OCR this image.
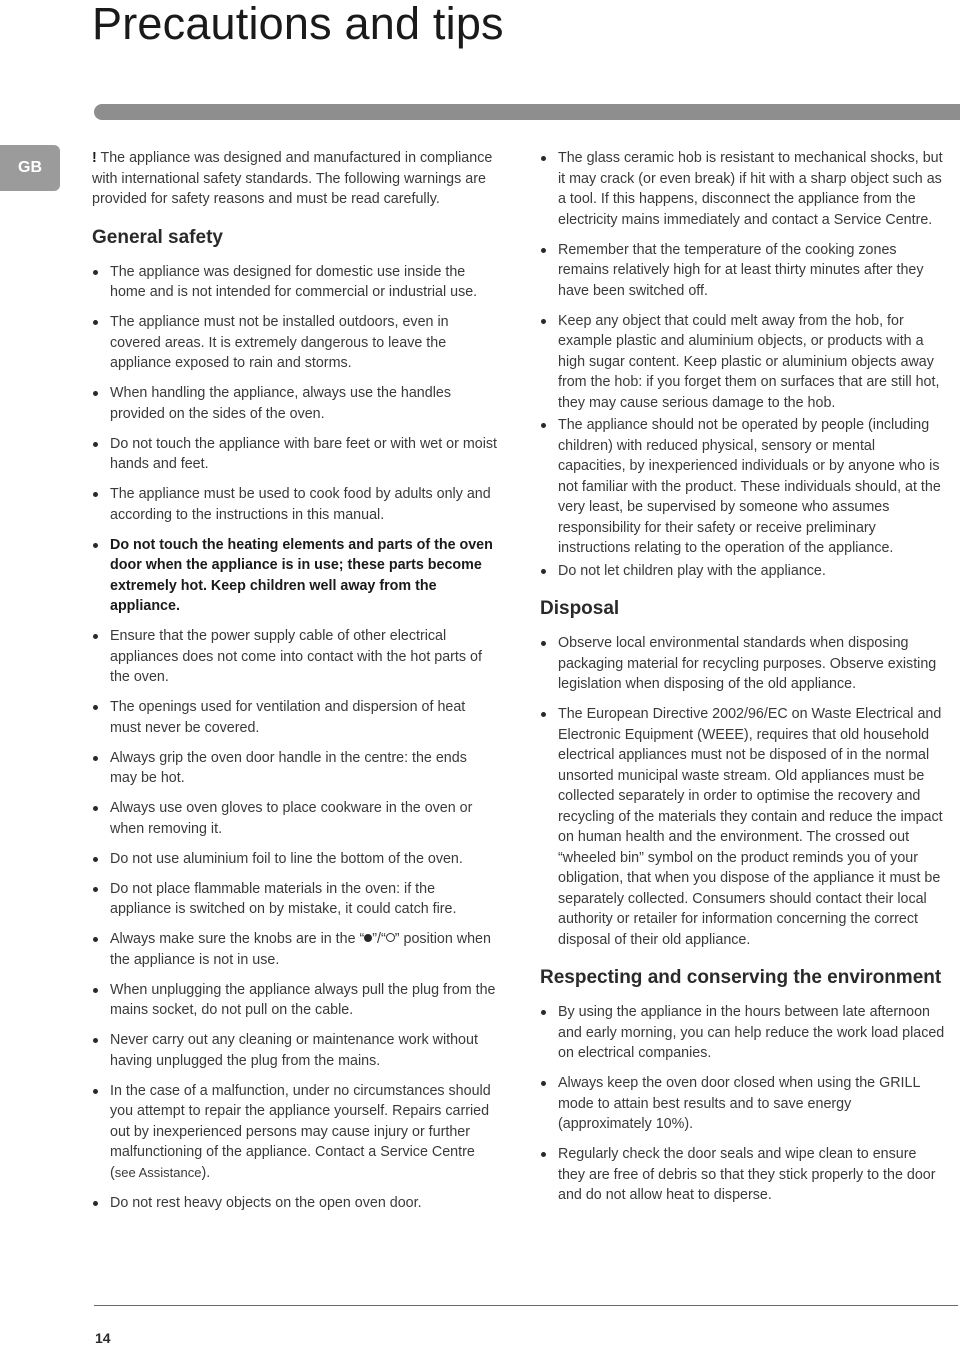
Precautions and tips
GB

! The appliance was designed and manufactured in compliance with international safety standards. The following warnings are provided for safety reasons and must be read carefully.

General safety
The appliance was designed for domestic use inside the home and is not intended for commercial or industrial use.
The appliance must not be installed outdoors, even in covered areas. It is extremely dangerous to leave the appliance exposed to rain and storms.
When handling the appliance, always use the handles provided on the sides of the oven.
Do not touch the appliance with bare feet or with wet or moist hands and feet.
The appliance must be used to cook food by adults only and according to the instructions in this manual.
Do not touch the heating elements and parts of the oven door when the appliance is in use; these parts become extremely hot. Keep children well away from the appliance.
Ensure that the power supply cable of other electrical appliances does not come into contact with the hot parts of the oven.
The openings used for ventilation and dispersion of heat must never be covered.
Always grip the oven door handle in the centre: the ends may be hot.
Always use oven gloves to place cookware in the oven or when removing it.
Do not use aluminium foil to line the bottom of the oven.
Do not place flammable materials in the oven: if the appliance is switched on by mistake, it could catch fire.
Always make sure the knobs are in the “ ”/“ ” position when the appliance is not in use.
When unplugging the appliance always pull the plug from the mains socket, do not pull on the cable.
Never carry out any cleaning or maintenance work without having unplugged the plug from the mains.
In the case of a malfunction, under no circumstances should you attempt to repair the appliance yourself. Repairs carried out by inexperienced persons may cause injury or further malfunctioning of the appliance. Contact a Service Centre (see Assistance).
Do not rest heavy objects on the open oven door.
The glass ceramic hob is resistant to mechanical shocks, but it may crack (or even break) if hit with a sharp object such as a tool. If this happens, disconnect the appliance from the electricity mains immediately and contact a Service Centre.
Remember that the temperature of the cooking zones remains relatively high for at least thirty minutes after they have been switched off.
Keep any object that could melt away from the hob, for example plastic and aluminium objects, or products with a high sugar content. Keep plastic or aluminium objects away from the hob: if you forget them on surfaces that are still hot, they may cause serious damage to the hob.
The appliance should not be operated by people (including children) with reduced physical, sensory or mental capacities, by inexperienced individuals or by anyone who is not familiar with the product. These individuals should, at the very least, be supervised by someone who assumes responsibility for their safety or receive preliminary instructions relating to the operation of the appliance.
Do not let children play with the appliance.
Disposal
Observe local environmental standards when disposing packaging material for recycling purposes. Observe existing legislation when disposing of the old appliance.
The European Directive 2002/96/EC on Waste Electrical and Electronic Equipment (WEEE), requires that old household electrical appliances must not be disposed of in the normal unsorted municipal waste stream. Old appliances must be collected separately in order to optimise the recovery and recycling of the materials they contain and reduce the impact on human health and the environment. The crossed out “wheeled bin” symbol on the product reminds you of your obligation, that when you dispose of the appliance it must be separately collected. Consumers should contact their local authority or retailer for information concerning the correct disposal of their old appliance.
Respecting and conserving the environment
By using the appliance in the hours between late afternoon and early morning, you can help reduce the work load placed on electrical companies.
Always keep the oven door closed when using the GRILL mode to attain best results and to save energy (approximately 10%).
Regularly check the door seals and wipe clean to ensure they are free of debris so that they stick properly to the door and do not allow heat to disperse.
14
